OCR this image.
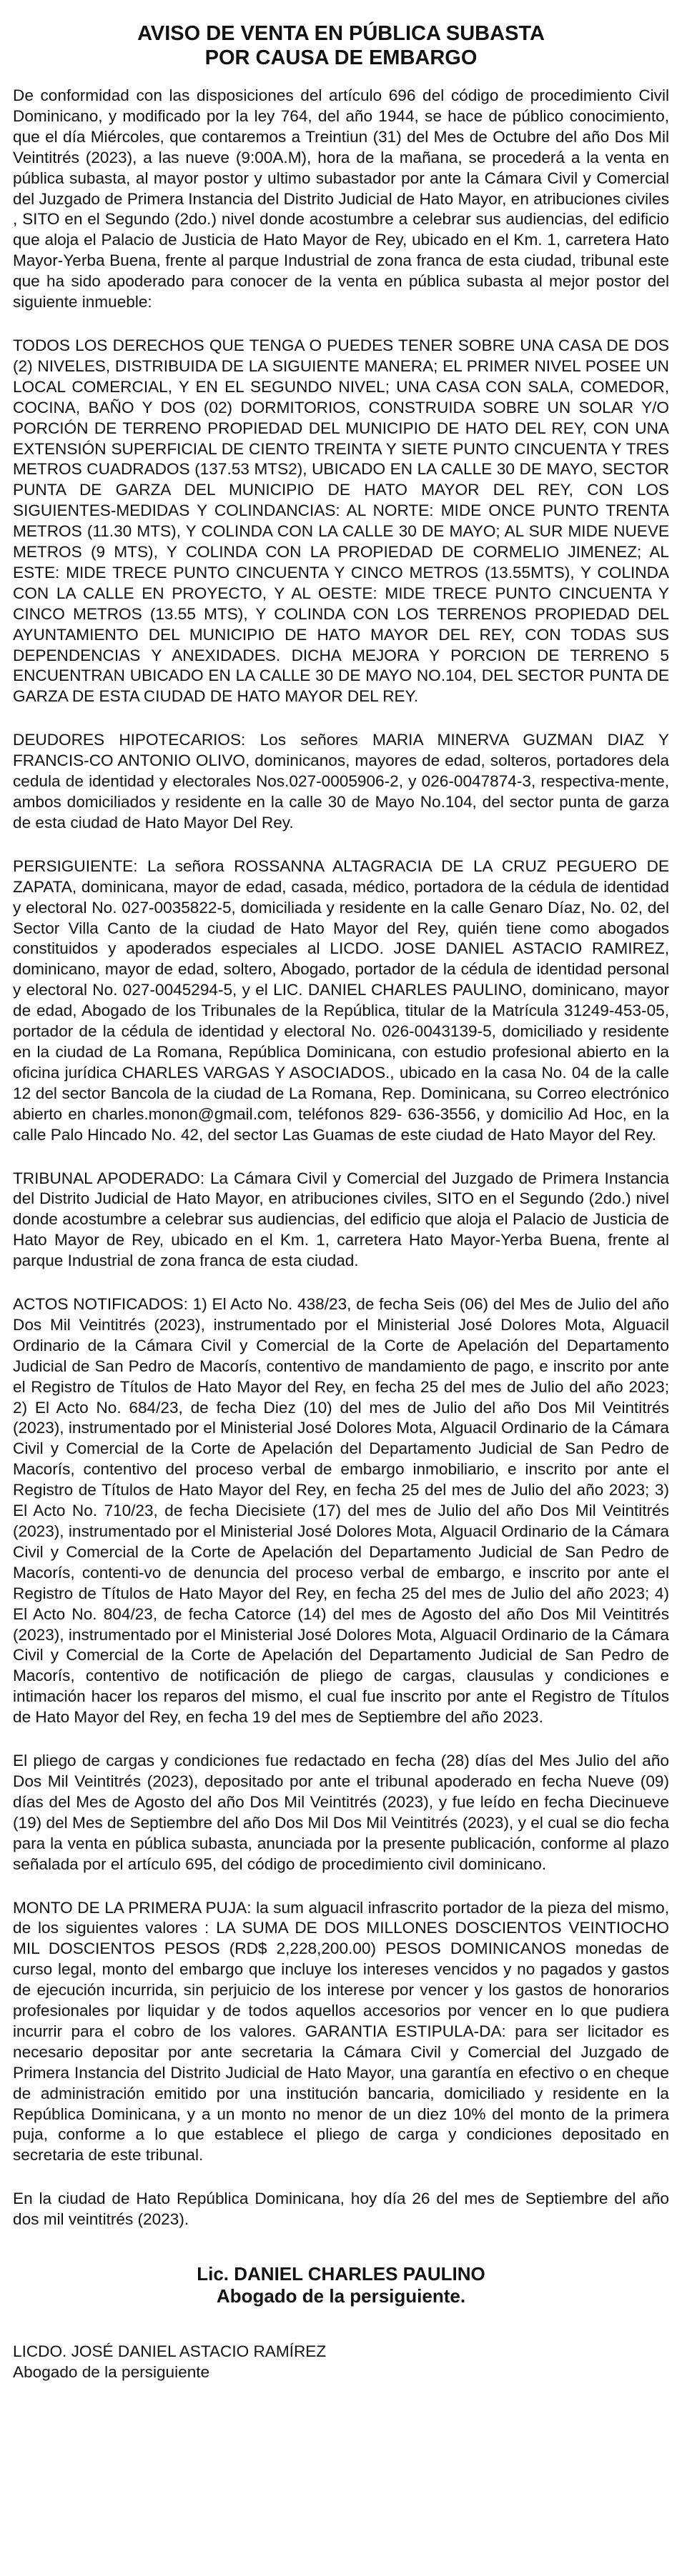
AVISO DE VENTA EN PÚBLICA SUBASTA
POR CAUSA DE EMBARGO

De conformidad con las disposiciones del artículo 696 del código de procedimiento Civil Dominicano, y modificado por la ley 764, del año 1944, se hace de público conocimiento, que el día Miércoles, que contaremos a Treintiun (31) del Mes de Octubre del año Dos Mil Veintitrés (2023), a las nueve (9:00A.M), hora de la mañana, se procederá a la venta en pública subasta, al mayor postor y ultimo subastador por ante la Cámara Civil y Comercial del Juzgado de Primera Instancia del Distrito Judicial de Hato Mayor, en atribuciones civiles , SITO en el Segundo (2do.) nivel donde acostumbre a celebrar sus audiencias, del edificio que aloja el Palacio de Justicia de Hato Mayor de Rey, ubicado en el Km. 1, carretera Hato Mayor-Yerba Buena, frente al parque Industrial de zona franca de esta ciudad, tribunal este que ha sido apoderado para conocer de la venta en pública subasta al mejor postor del siguiente inmueble:

TODOS LOS DERECHOS QUE TENGA O PUEDES TENER SOBRE UNA CASA DE DOS (2) NIVELES, DISTRIBUIDA DE LA SIGUIENTE MANERA; EL PRIMER NIVEL POSEE UN LOCAL COMERCIAL, Y EN EL SEGUNDO NIVEL; UNA CASA CON SALA, COMEDOR, COCINA, BAÑO Y DOS (02) DORMITORIOS, CONSTRUIDA SOBRE UN SOLAR Y/O PORCIÓN DE TERRENO PROPIEDAD DEL MUNICIPIO DE HATO DEL REY, CON UNA EXTENSIÓN SUPERFICIAL DE CIENTO TREINTA Y SIETE PUNTO CINCUENTA Y TRES METROS CUADRADOS (137.53 MTS2), UBICADO EN LA CALLE 30 DE MAYO, SECTOR PUNTA DE GARZA DEL MUNICIPIO DE HATO MAYOR DEL REY, CON LOS SIGUIENTES-MEDIDAS Y COLINDANCIAS: AL NORTE: MIDE ONCE PUNTO TRENTA METROS (11.30 MTS), Y COLINDA CON LA CALLE 30 DE MAYO; AL SUR MIDE NUEVE METROS (9 MTS), Y COLINDA CON LA PROPIEDAD DE CORMELIO JIMENEZ; AL ESTE: MIDE TRECE PUNTO CINCUENTA Y CINCO METROS (13.55MTS), Y COLINDA CON LA CALLE EN PROYECTO, Y AL OESTE: MIDE TRECE PUNTO CINCUENTA Y CINCO METROS (13.55 MTS), Y COLINDA CON LOS TERRENOS PROPIEDAD DEL AYUNTAMIENTO DEL MUNICIPIO DE HATO MAYOR DEL REY, CON TODAS SUS DEPENDENCIAS Y ANEXIDADES. DICHA MEJORA Y PORCION DE TERRENO 5 ENCUENTRAN UBICADO EN LA CALLE 30 DE MAYO NO.104, DEL SECTOR PUNTA DE GARZA DE ESTA CIUDAD DE HATO MAYOR DEL REY.

DEUDORES HIPOTECARIOS: Los señores MARIA MINERVA GUZMAN DIAZ Y FRANCIS-CO ANTONIO OLIVO, dominicanos, mayores de edad, solteros, portadores dela cedula de identidad y electorales Nos.027-0005906-2, y 026-0047874-3, respectiva-mente, ambos domiciliados y residente en la calle 30 de Mayo No.104, del sector punta de garza de esta ciudad de Hato Mayor Del Rey.

PERSIGUIENTE: La señora ROSSANNA ALTAGRACIA DE LA CRUZ PEGUERO DE ZAPATA, dominicana, mayor de edad, casada, médico, portadora de la cédula de identidad y electoral No. 027-0035822-5, domiciliada y residente en la calle Genaro Díaz, No. 02, del Sector Villa Canto de la ciudad de Hato Mayor del Rey, quién tiene como abogados constituidos y apoderados especiales al LICDO. JOSE DANIEL ASTACIO RAMIREZ, dominicano, mayor de edad, soltero, Abogado, portador de la cédula de identidad personal y electoral No. 027-0045294-5, y el LIC. DANIEL CHARLES PAULINO, dominicano, mayor de edad, Abogado de los Tribunales de la República, titular de la Matrícula 31249-453-05, portador de la cédula de identidad y electoral No. 026-0043139-5, domiciliado y residente en la ciudad de La Romana, República Dominicana, con estudio profesional abierto en la oficina jurídica CHARLES VARGAS Y ASOCIADOS., ubicado en la casa No. 04 de la calle 12 del sector Bancola de la ciudad de La Romana, Rep. Dominicana, su Correo electrónico abierto en charles.monon@gmail.com, teléfonos 829- 636-3556, y domicilio Ad Hoc, en la calle Palo Hincado No. 42, del sector Las Guamas de este ciudad de Hato Mayor del Rey.

TRIBUNAL APODERADO: La Cámara Civil y Comercial del Juzgado de Primera Instancia del Distrito Judicial de Hato Mayor, en atribuciones civiles, SITO en el Segundo (2do.) nivel donde acostumbre a celebrar sus audiencias, del edificio que aloja el Palacio de Justicia de Hato Mayor de Rey, ubicado en el Km. 1, carretera Hato Mayor-Yerba Buena, frente al parque Industrial de zona franca de esta ciudad.

ACTOS NOTIFICADOS: 1) El Acto No. 438/23, de fecha Seis (06) del Mes de Julio del año Dos Mil Veintitrés (2023), instrumentado por el Ministerial José Dolores Mota, Alguacil Ordinario de la Cámara Civil y Comercial de la Corte de Apelación del Departamento Judicial de San Pedro de Macorís, contentivo de mandamiento de pago, e inscrito por ante el Registro de Títulos de Hato Mayor del Rey, en fecha 25 del mes de Julio del año 2023; 2) El Acto No. 684/23, de fecha Diez (10) del mes de Julio del año Dos Mil Veintitrés (2023), instrumentado por el Ministerial José Dolores Mota, Alguacil Ordinario de la Cámara Civil y Comercial de la Corte de Apelación del Departamento Judicial de San Pedro de Macorís, contentivo del proceso verbal de embargo inmobiliario, e inscrito por ante el Registro de Títulos de Hato Mayor del Rey, en fecha 25 del mes de Julio del año 2023; 3) El Acto No. 710/23, de fecha Diecisiete (17) del mes de Julio del año Dos Mil Veintitrés (2023), instrumentado por el Ministerial José Dolores Mota, Alguacil Ordinario de la Cámara Civil y Comercial de la Corte de Apelación del Departamento Judicial de San Pedro de Macorís, contenti-vo de denuncia del proceso verbal de embargo, e inscrito por ante el Registro de Títulos de Hato Mayor del Rey, en fecha 25 del mes de Julio del año 2023; 4) El Acto No. 804/23, de fecha Catorce (14) del mes de Agosto del año Dos Mil Veintitrés (2023), instrumentado por el Ministerial José Dolores Mota, Alguacil Ordinario de la Cámara Civil y Comercial de la Corte de Apelación del Departamento Judicial de San Pedro de Macorís, contentivo de notificación de pliego de cargas, clausulas y condiciones e intimación hacer los reparos del mismo, el cual fue inscrito por ante el Registro de Títulos de Hato Mayor del Rey, en fecha 19 del mes de Septiembre del año 2023.

El pliego de cargas y condiciones fue redactado en fecha (28) días del Mes Julio del año Dos Mil Veintitrés (2023), depositado por ante el tribunal apoderado en fecha Nueve (09) días del Mes de Agosto del año Dos Mil Veintitrés (2023), y fue leído en fecha Diecinueve (19) del Mes de Septiembre del año Dos Mil Dos Mil Veintitrés (2023), y el cual se dio fecha para la venta en pública subasta, anunciada por la presente publicación, conforme al plazo señalada por el artículo 695, del código de procedimiento civil dominicano.

MONTO DE LA PRIMERA PUJA: la sum alguacil infrascrito portador de la pieza del mismo, de los siguientes valores : LA SUMA DE DOS MILLONES DOSCIENTOS VEINTIOCHO MIL DOSCIENTOS PESOS (RD$ 2,228,200.00) PESOS DOMINICANOS monedas de curso legal, monto del embargo que incluye los intereses vencidos y no pagados y gastos de ejecución incurrida, sin perjuicio de los interese por vencer y los gastos de honorarios profesionales por liquidar y de todos aquellos accesorios por vencer en lo que pudiera incurrir para el cobro de los valores. GARANTIA ESTIPULA-DA: para ser licitador es necesario depositar por ante secretaria la Cámara Civil y Comercial del Juzgado de Primera Instancia del Distrito Judicial de Hato Mayor, una garantía en efectivo o en cheque de administración emitido por una institución bancaria, domiciliado y residente en la República Dominicana, y a un monto no menor de un diez 10% del monto de la primera puja, conforme a lo que establece el pliego de carga y condiciones depositado en secretaria de este tribunal.

En la ciudad de Hato República Dominicana, hoy día 26 del mes de Septiembre del año dos mil veintitrés (2023).

Lic. DANIEL CHARLES PAULINO
Abogado de la persiguiente.
LICDO. JOSÉ DANIEL ASTACIO RAMÍREZ
Abogado de la persiguiente
